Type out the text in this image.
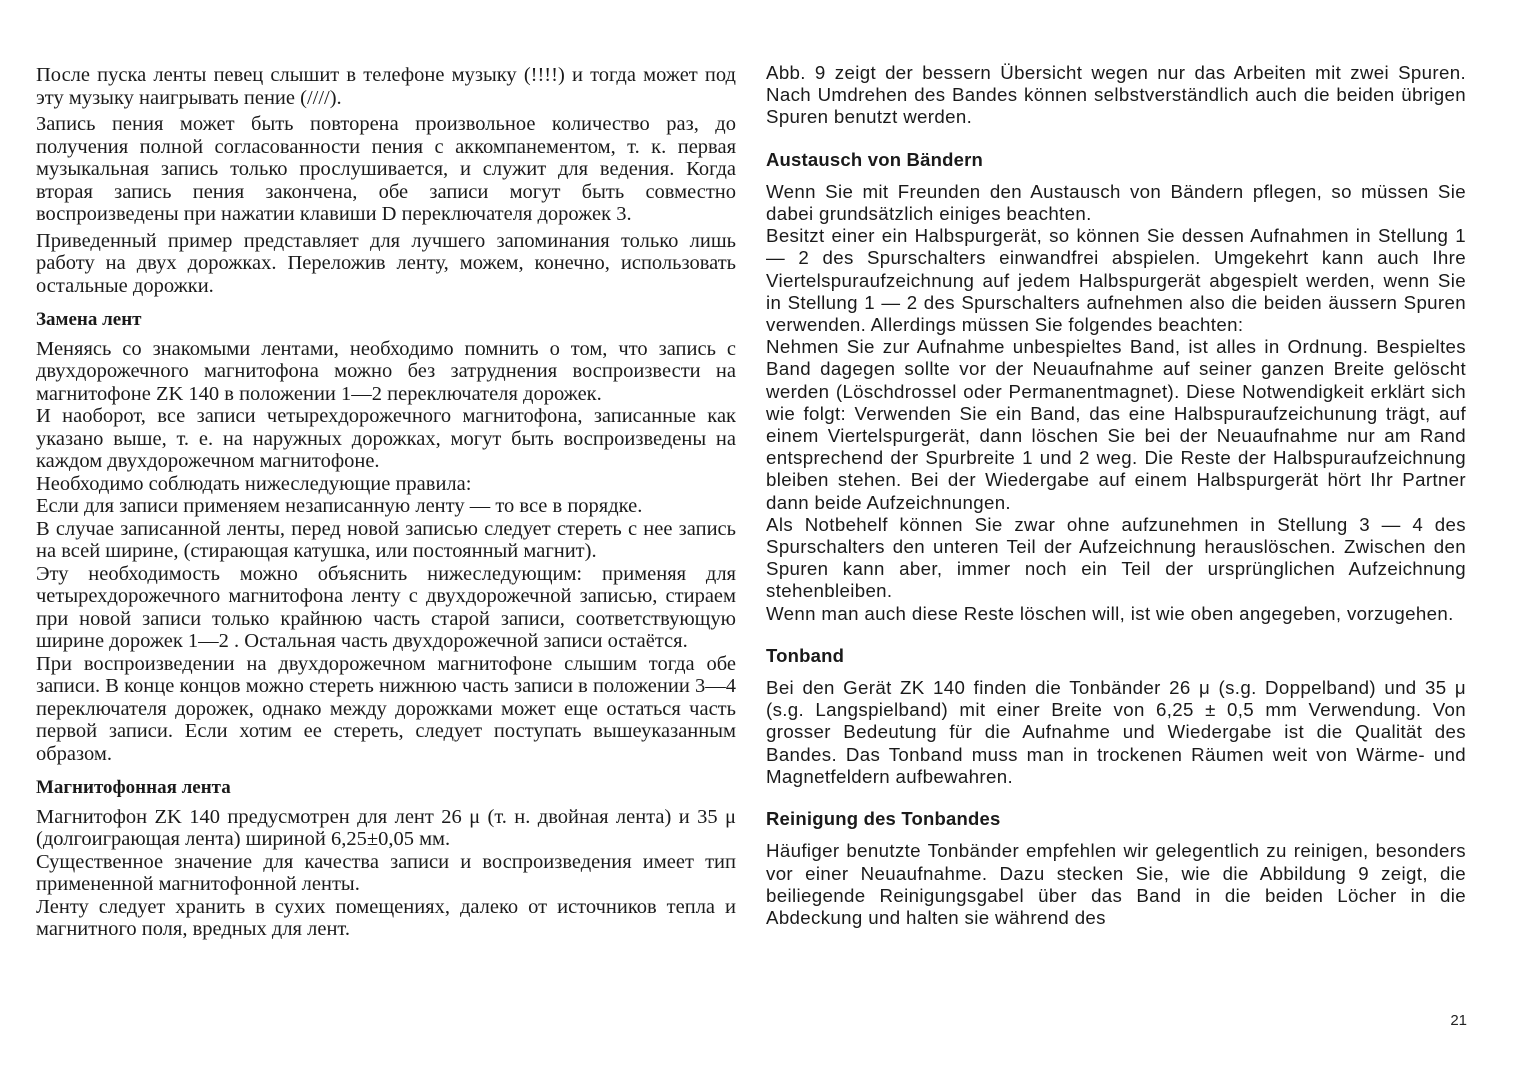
После пуска ленты певец слышит в телефоне музыку (!!!!) и тогда может под эту музыку наигрывать пение (////).

Запись пения может быть повторена произвольное количество раз, до получения полной согласованности пения с аккомпанементом, т. к. первая музыкальная запись только прослушивается, и служит для ведения. Когда вторая запись пения закончена, обе записи могут быть совместно воспроизведены при нажатии клавиши D переключателя дорожек 3.

Приведенный пример представляет для лучшего запоминания только лишь работу на двух дорожках. Переложив ленту, можем, конечно, использовать остальные дорожки.

Замена лент

Меняясь со знакомыми лентами, необходимо помнить о том, что запись с двухдорожечного магнитофона можно без затруднения воспроизвести на магнитофоне ZK 140 в положении 1—2 переключателя дорожек.

И наоборот, все записи четырехдорожечного магнитофона, записанные как указано выше, т. е. на наружных дорожках, могут быть воспроизведены на каждом двухдорожечном магнитофоне.

Необходимо соблюдать нижеследующие правила:

Если для записи применяем незаписанную ленту — то все в порядке.

В случае записанной ленты, перед новой записью следует стереть с нее запись на всей ширине, (стирающая катушка, или постоянный магнит).

Эту необходимость можно объяснить нижеследующим: применяя для четырехдорожечного магнитофона ленту с двухдорожечной записью, стираем при новой записи только крайнюю часть старой записи, соответствующую ширине дорожек 1—2 . Остальная часть двухдорожечной записи остаётся.

При воспроизведении на двухдорожечном магнитофоне слышим тогда обе записи. В конце концов можно стереть нижнюю часть записи в положении 3—4 переключателя дорожек, однако между дорожками может еще остаться часть первой записи. Если хотим ее стереть, следует поступать вышеуказанным образом.

Магнитофонная лента

Магнитофон ZK 140 предусмотрен для лент 26 μ (т. н. двойная лента) и 35 μ (долгоиграющая лента) шириной 6,25±0,05 мм.

Существенное значение для качества записи и воспроизведения имеет тип примененной магнитофонной ленты.

Ленту следует хранить в сухих помещениях, далеко от источников тепла и магнитного поля, вредных для лент.

Abb. 9 zeigt der bessern Übersicht wegen nur das Arbeiten mit zwei Spuren. Nach Umdrehen des Bandes können selbstverständlich auch die beiden übrigen Spuren benutzt werden.

Austausch von Bändern

Wenn Sie mit Freunden den Austausch von Bändern pflegen, so müssen Sie dabei grundsätzlich einiges beachten.

Besitzt einer ein Halbspurgerät, so können Sie dessen Aufnahmen in Stellung 1 — 2 des Spurschalters einwandfrei abspielen. Umgekehrt kann auch Ihre Viertelspuraufzeichnung auf jedem Halbspurgerät abgespielt werden, wenn Sie in Stellung 1 — 2 des Spurschalters aufnehmen also die beiden äussern Spuren verwenden. Allerdings müssen Sie folgendes beachten:

Nehmen Sie zur Aufnahme unbespieltes Band, ist alles in Ordnung. Bespieltes Band dagegen sollte vor der Neuaufnahme auf seiner ganzen Breite gelöscht werden (Löschdrossel oder Permanentmagnet). Diese Notwendigkeit erklärt sich wie folgt: Verwenden Sie ein Band, das eine Halbspuraufzeichunung trägt, auf einem Viertelspurgerät, dann löschen Sie bei der Neuaufnahme nur am Rand entsprechend der Spurbreite 1 und 2 weg. Die Reste der Halbspuraufzeichnung bleiben stehen. Bei der Wiedergabe auf einem Halbspurgerät hört Ihr Partner dann beide Aufzeichnungen.

Als Notbehelf können Sie zwar ohne aufzunehmen in Stellung 3 — 4 des Spurschalters den unteren Teil der Aufzeichnung herauslöschen. Zwischen den Spuren kann aber, immer noch ein Teil der ursprünglichen Aufzeichnung stehenbleiben.

Wenn man auch diese Reste löschen will, ist wie oben angegeben, vorzugehen.

Tonband

Bei den Gerät ZK 140 finden die Tonbänder 26 μ (s.g. Doppelband) und 35 μ (s.g. Langspielband) mit einer Breite von 6,25 ± 0,5 mm Verwendung. Von grosser Bedeutung für die Aufnahme und Wiedergabe ist die Qualität des Bandes. Das Tonband muss man in trockenen Räumen weit von Wärme- und Magnetfeldern aufbewahren.

Reinigung des Tonbandes

Häufiger benutzte Tonbänder empfehlen wir gelegentlich zu reinigen, besonders vor einer Neuaufnahme. Dazu stecken Sie, wie die Abbildung 9 zeigt, die beiliegende Reinigungsgabel über das Band in die beiden Löcher in die Abdeckung und halten sie während des

21
